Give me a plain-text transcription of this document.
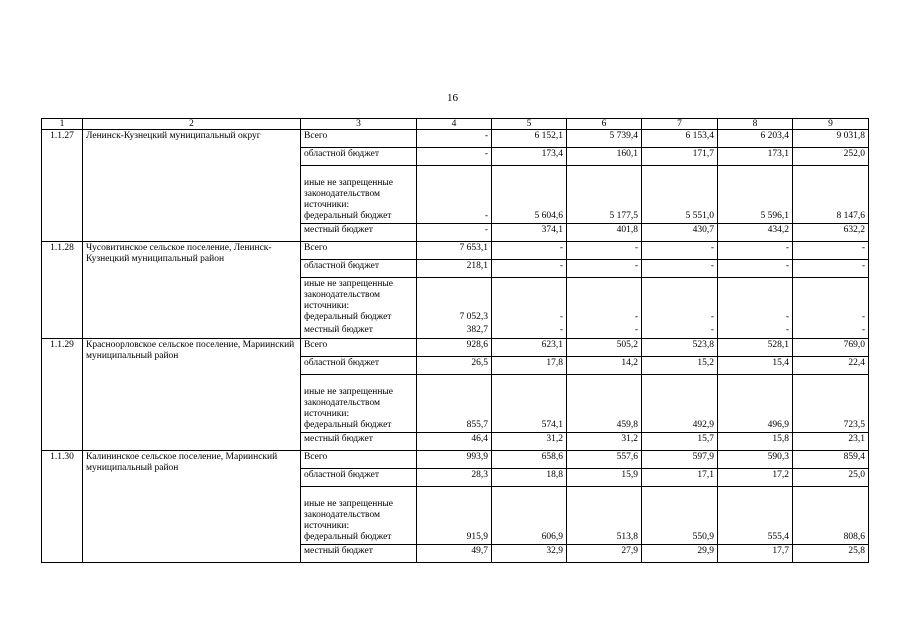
16
1	2	3	4	5	6	7	8	9
1.1.27	Ленинск-Кузнецкий муниципальный округ	Всего	-	6 152,1	5 739,4	6 153,4	6 203,4	9 031,8
		областной бюджет	-	173,4	160,1	171,7	173,1	252,0

		иные не запрещенные
законодательством
источники:
федеральный бюджет	-	5 604,6	5 177,5	5 551,0	5 596,1	8 147,6
		местный бюджет	-	374,1	401,8	430,7	434,2	632,2
1.1.28	Чусовитинское сельское поселение, Ленинск-Кузнецкий муниципальный район	Всего	7 653,1	-	-	-	-	-
		областной бюджет	218,1	-	-	-	-	-

		иные не запрещенные
законодательством
источники:
федеральный бюджет	7 052,3	-	-	-	-	-
		местный бюджет	382,7	-	-	-	-	-
1.1.29	Красноорловское сельское поселение, Мариинский муниципальный район	Всего	928,6	623,1	505,2	523,8	528,1	769,0
		областной бюджет	26,5	17,8	14,2	15,2	15,4	22,4

		иные не запрещенные
законодательством
источники:
федеральный бюджет	855,7	574,1	459,8	492,9	496,9	723,5
		местный бюджет	46,4	31,2	31,2	15,7	15,8	23,1
1.1.30	Калининское сельское поселение, Мариинский муниципальный район	Всего	993,9	658,6	557,6	597,9	590,3	859,4
		областной бюджет	28,3	18,8	15,9	17,1	17,2	25,0

		иные не запрещенные
законодательством
источники:
федеральный бюджет	915,9	606,9	513,8	550,9	555,4	808,6
		местный бюджет	49,7	32,9	27,9	29,9	17,7	25,8
